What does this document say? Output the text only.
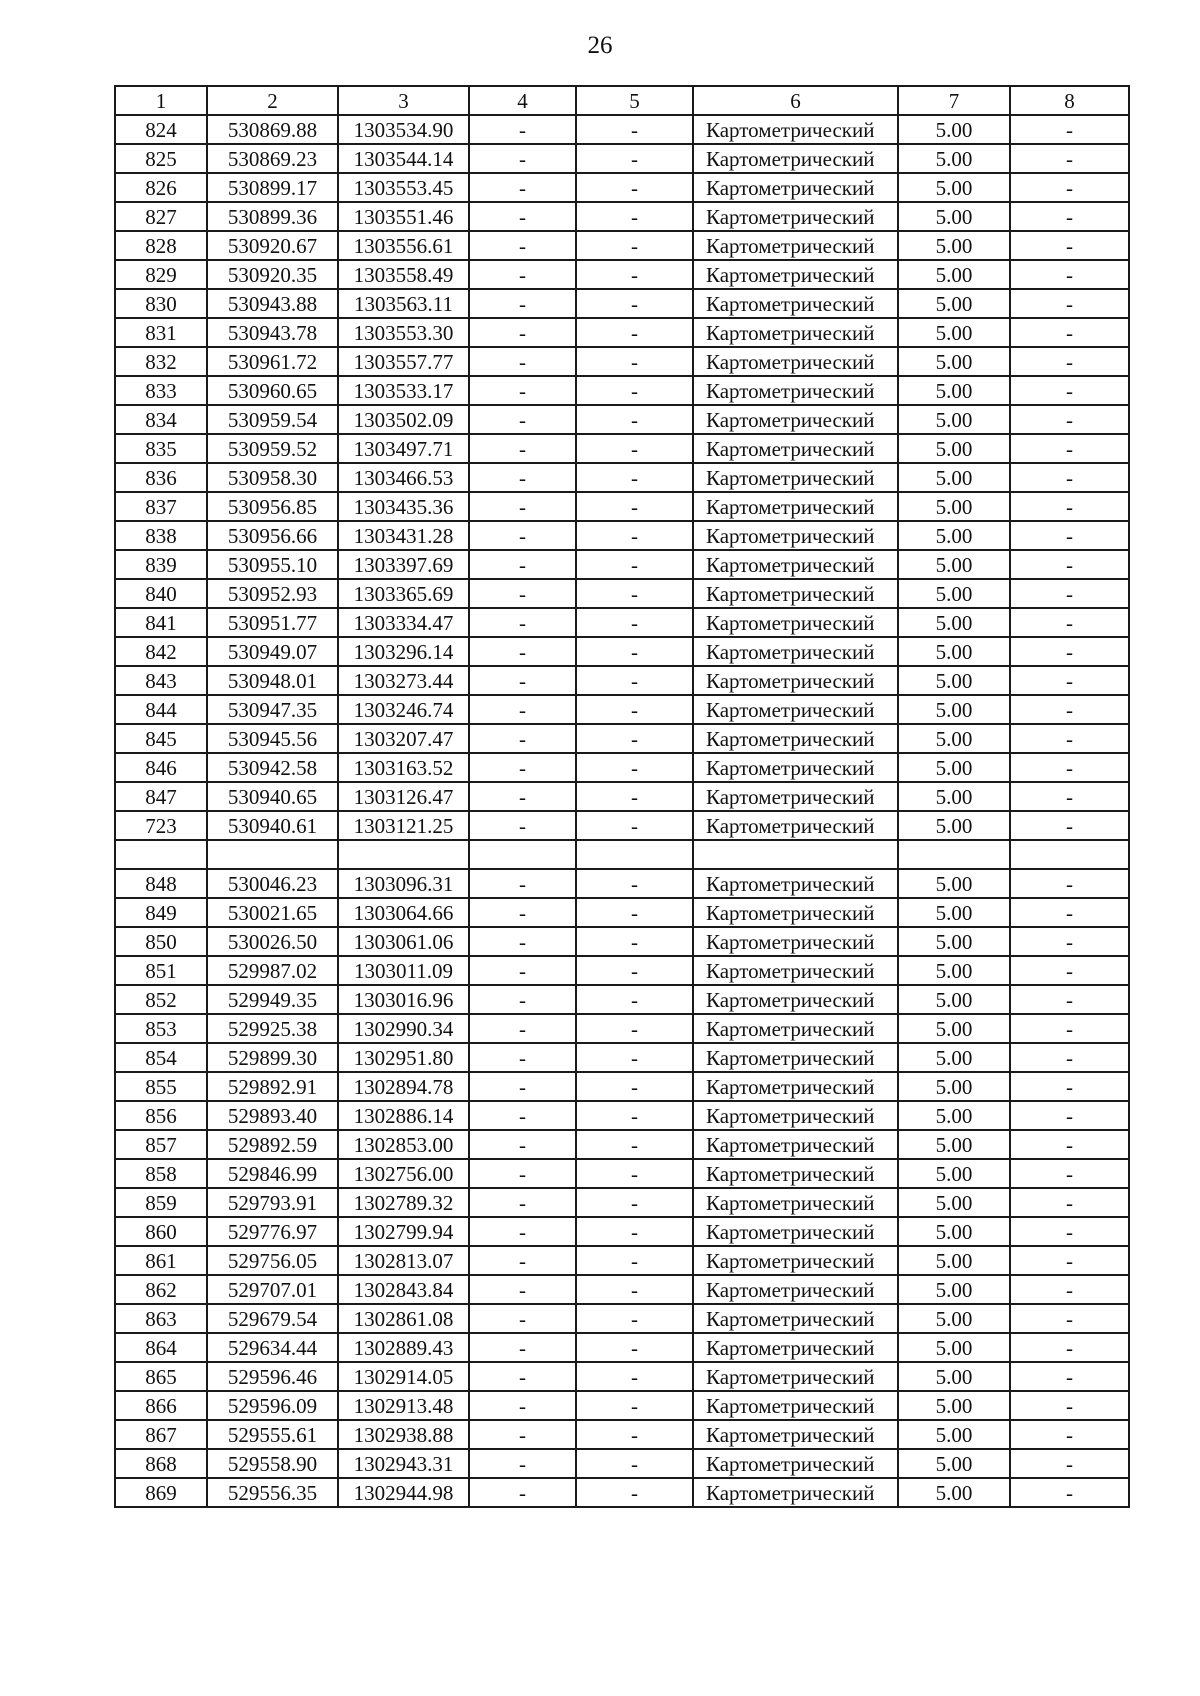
26
1	2	3	4	5	6	7	8
824	530869.88	1303534.90	-	-	Картометрический	5.00	-
825	530869.23	1303544.14	-	-	Картометрический	5.00	-
826	530899.17	1303553.45	-	-	Картометрический	5.00	-
827	530899.36	1303551.46	-	-	Картометрический	5.00	-
828	530920.67	1303556.61	-	-	Картометрический	5.00	-
829	530920.35	1303558.49	-	-	Картометрический	5.00	-
830	530943.88	1303563.11	-	-	Картометрический	5.00	-
831	530943.78	1303553.30	-	-	Картометрический	5.00	-
832	530961.72	1303557.77	-	-	Картометрический	5.00	-
833	530960.65	1303533.17	-	-	Картометрический	5.00	-
834	530959.54	1303502.09	-	-	Картометрический	5.00	-
835	530959.52	1303497.71	-	-	Картометрический	5.00	-
836	530958.30	1303466.53	-	-	Картометрический	5.00	-
837	530956.85	1303435.36	-	-	Картометрический	5.00	-
838	530956.66	1303431.28	-	-	Картометрический	5.00	-
839	530955.10	1303397.69	-	-	Картометрический	5.00	-
840	530952.93	1303365.69	-	-	Картометрический	5.00	-
841	530951.77	1303334.47	-	-	Картометрический	5.00	-
842	530949.07	1303296.14	-	-	Картометрический	5.00	-
843	530948.01	1303273.44	-	-	Картометрический	5.00	-
844	530947.35	1303246.74	-	-	Картометрический	5.00	-
845	530945.56	1303207.47	-	-	Картометрический	5.00	-
846	530942.58	1303163.52	-	-	Картометрический	5.00	-
847	530940.65	1303126.47	-	-	Картометрический	5.00	-
723	530940.61	1303121.25	-	-	Картометрический	5.00	-

848	530046.23	1303096.31	-	-	Картометрический	5.00	-
849	530021.65	1303064.66	-	-	Картометрический	5.00	-
850	530026.50	1303061.06	-	-	Картометрический	5.00	-
851	529987.02	1303011.09	-	-	Картометрический	5.00	-
852	529949.35	1303016.96	-	-	Картометрический	5.00	-
853	529925.38	1302990.34	-	-	Картометрический	5.00	-
854	529899.30	1302951.80	-	-	Картометрический	5.00	-
855	529892.91	1302894.78	-	-	Картометрический	5.00	-
856	529893.40	1302886.14	-	-	Картометрический	5.00	-
857	529892.59	1302853.00	-	-	Картометрический	5.00	-
858	529846.99	1302756.00	-	-	Картометрический	5.00	-
859	529793.91	1302789.32	-	-	Картометрический	5.00	-
860	529776.97	1302799.94	-	-	Картометрический	5.00	-
861	529756.05	1302813.07	-	-	Картометрический	5.00	-
862	529707.01	1302843.84	-	-	Картометрический	5.00	-
863	529679.54	1302861.08	-	-	Картометрический	5.00	-
864	529634.44	1302889.43	-	-	Картометрический	5.00	-
865	529596.46	1302914.05	-	-	Картометрический	5.00	-
866	529596.09	1302913.48	-	-	Картометрический	5.00	-
867	529555.61	1302938.88	-	-	Картометрический	5.00	-
868	529558.90	1302943.31	-	-	Картометрический	5.00	-
869	529556.35	1302944.98	-	-	Картометрический	5.00	-
